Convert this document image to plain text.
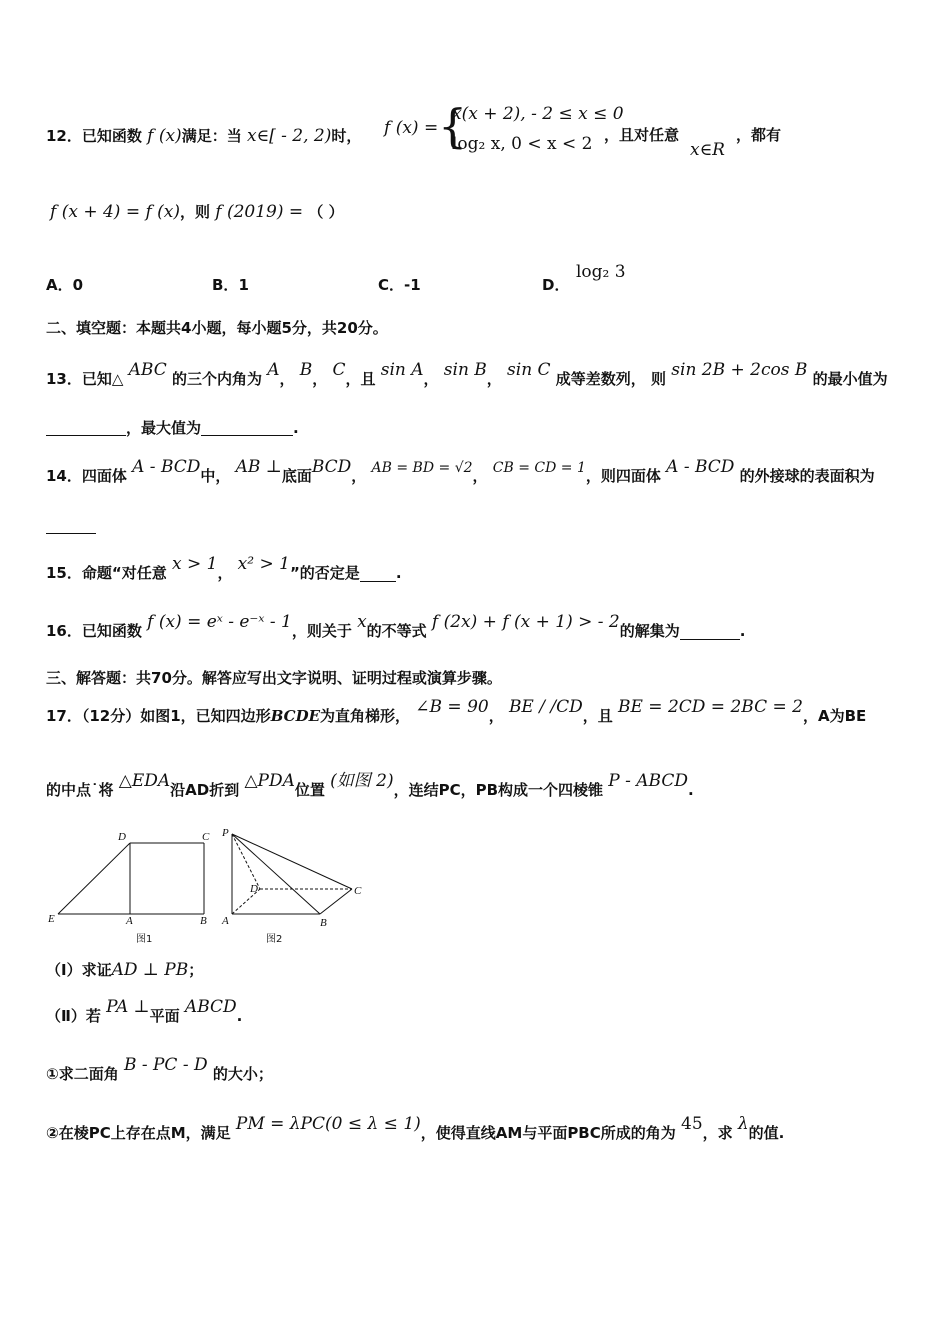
12．已知函数 f (x)满足：当 x∈[ - 2, 2)时， f (x) = {
x(x + 2), - 2 ≤ x ≤ 0
log₂ x, 0 < x < 2 ，且对任意
x∈R
，都有
f (x + 4) = f (x)，则 f (2019) = （ ）
A．0	B．1	C．-1	D．
log₂ 3
二、填空题：本题共4小题，每小题5分，共20分。
13．已知△ ABC 的三个内角为 A， B， C，且 sin A， sin B， sin C 成等差数列， 则 sin 2B + 2cos B 的最小值为
，最大值为	.
14．四面体 A - BCD中， AB ⊥底面BCD， AB = BD = √2， CB = CD = 1，则四面体 A - BCD 的外接球的表面积为
15．命题“对任意 x > 1， x² > 1”的否定是 .
16．已知函数 f (x) = eˣ - e⁻ˣ - 1，则关于 x的不等式 f (2x) + f (x + 1) > - 2的解集为	.
三、解答题：共70分。解答应写出文字说明、证明过程或演算步骤。
17．（12分）如图1，已知四边形BCDE为直角梯形， ∠B = 90， BE / /CD，且 BE = 2CD = 2BC = 2，A为BE
的中点˙将 △EDA沿AD折到 △PDA位置 (如图 2)，连结PC，PB构成一个四棱锥 P - ABCD.
D	C
E	A	B
图1
P
D	C
A	B
图2
（Ⅰ）求证AD ⊥ PB；
（Ⅱ）若 PA ⊥平面 ABCD.
①求二面角 B - PC - D 的大小；
②在棱PC上存在点M，满足 PM = λPC(0 ≤ λ ≤ 1)，使得直线AM与平面PBC所成的角为 45，求 λ的值.
